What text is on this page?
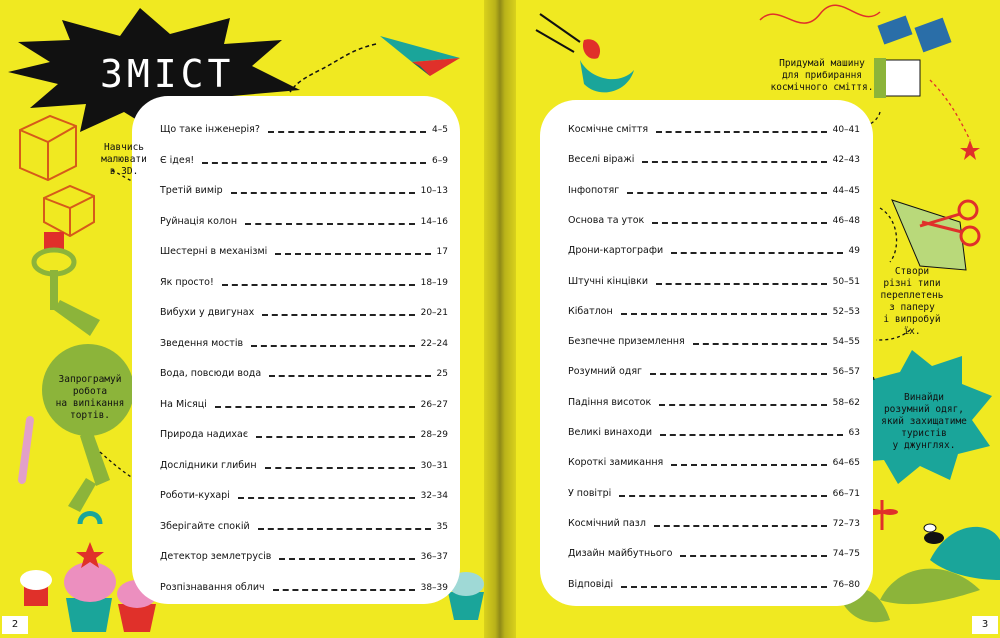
ЗМІСТ
Що таке інженерія?	4–5
Є ідея!	6–9
Третій вимір	10–13
Руйнація колон	14–16
Шестерні в механізмі	17
Як просто!	18–19
Вибухи у двигунах	20–21
Зведення мостів	22–24
Вода, повсюди вода	25
На Місяці	26–27
Природа надихає	28–29
Дослідники глибин	30–31
Роботи-кухарі	32–34
Зберігайте спокій	35
Детектор землетрусів	36–37
Розпізнавання облич	38–39
Космічне сміття	40–41
Веселі віражі	42–43
Інфопотяг	44–45
Основа та уток	46–48
Дрони-картографи	49
Штучні кінцівки	50–51
Кібатлон	52–53
Безпечне приземлення	54–55
Розумний одяг	56–57
Падіння висоток	58–62
Великі винаходи	63
Короткі замикання	64–65
У повітрі	66–71
Космічний пазл	72–73
Дизайн майбутнього	74–75
Відповіді	76–80
Навчись
малювати
в 3D.
Запрограмуй
робота
на випікання
тортів.
Придумай машину
для прибирання
космічного сміття.
Створи
різні типи
переплетень
з паперу
і випробуй їх.
Винайди
розумний одяг,
який захищатиме
туристів
у джунглях.
2	3
